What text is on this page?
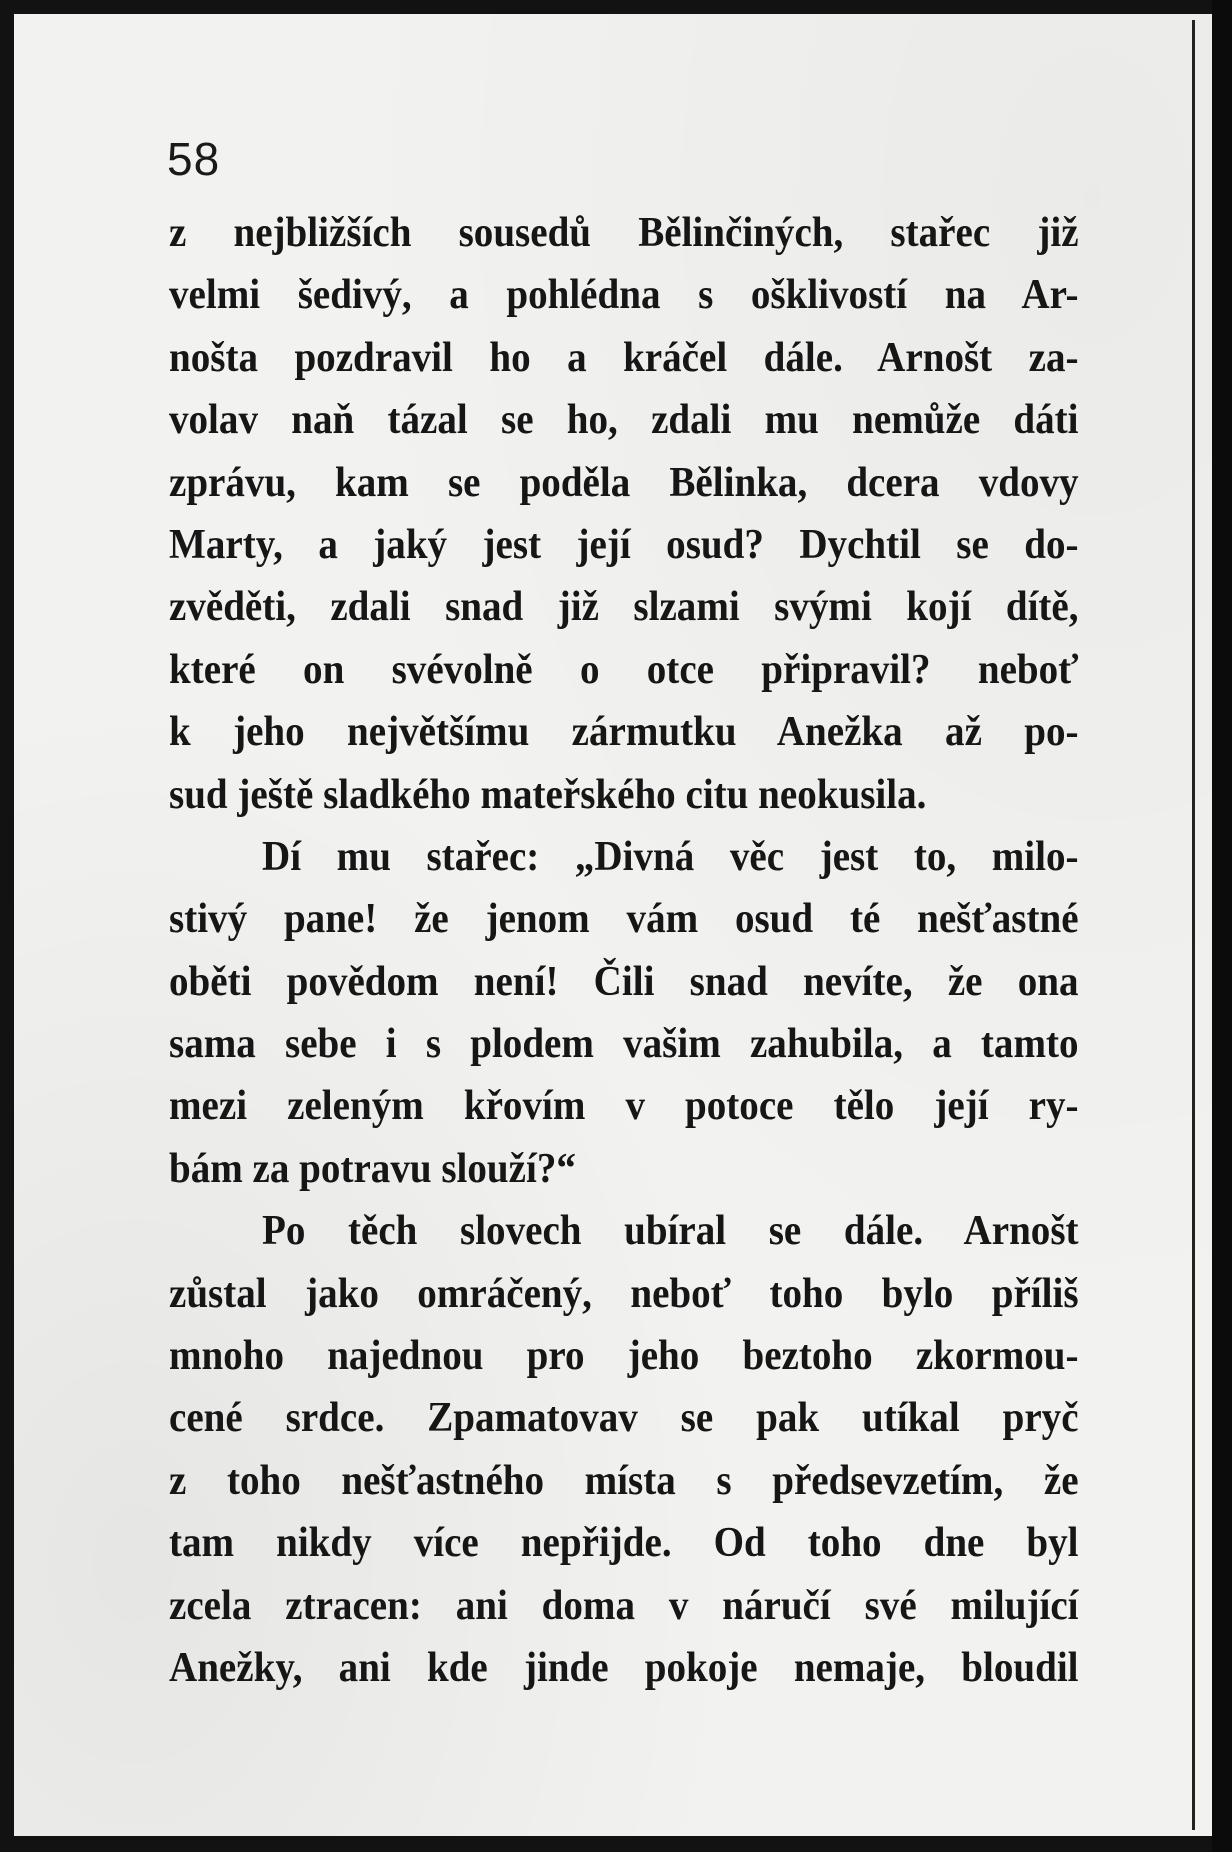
58
z nejbližších sousedů Bělinčiných, stařec již
velmi šedivý, a pohlédna s ošklivostí na Ar-
nošta pozdravil ho a kráčel dále. Arnošt za-
volav naň tázal se ho, zdali mu nemůže dáti
zprávu, kam se poděla Bělinka, dcera vdovy
Marty, a jaký jest její osud? Dychtil se do-
zvěděti, zdali snad již slzami svými kojí dítě,
které on svévolně o otce připravil? neboť
k jeho největšímu zármutku Anežka až po-
sud ještě sladkého mateřského citu neokusila.
Dí mu stařec: „Divná věc jest to, milo-
stivý pane! že jenom vám osud té nešťastné
oběti povědom není! Čili snad nevíte, že ona
sama sebe i s plodem vašim zahubila, a tamto
mezi zeleným křovím v potoce tělo její ry-
bám za potravu slouží?“
Po těch slovech ubíral se dále. Arnošt
zůstal jako omráčený, neboť toho bylo příliš
mnoho najednou pro jeho beztoho zkormou-
cené srdce. Zpamatovav se pak utíkal pryč
z toho nešťastného místa s předsevzetím, že
tam nikdy více nepřijde. Od toho dne byl
zcela ztracen: ani doma v náručí své milující
Anežky, ani kde jinde pokoje nemaje, bloudil
